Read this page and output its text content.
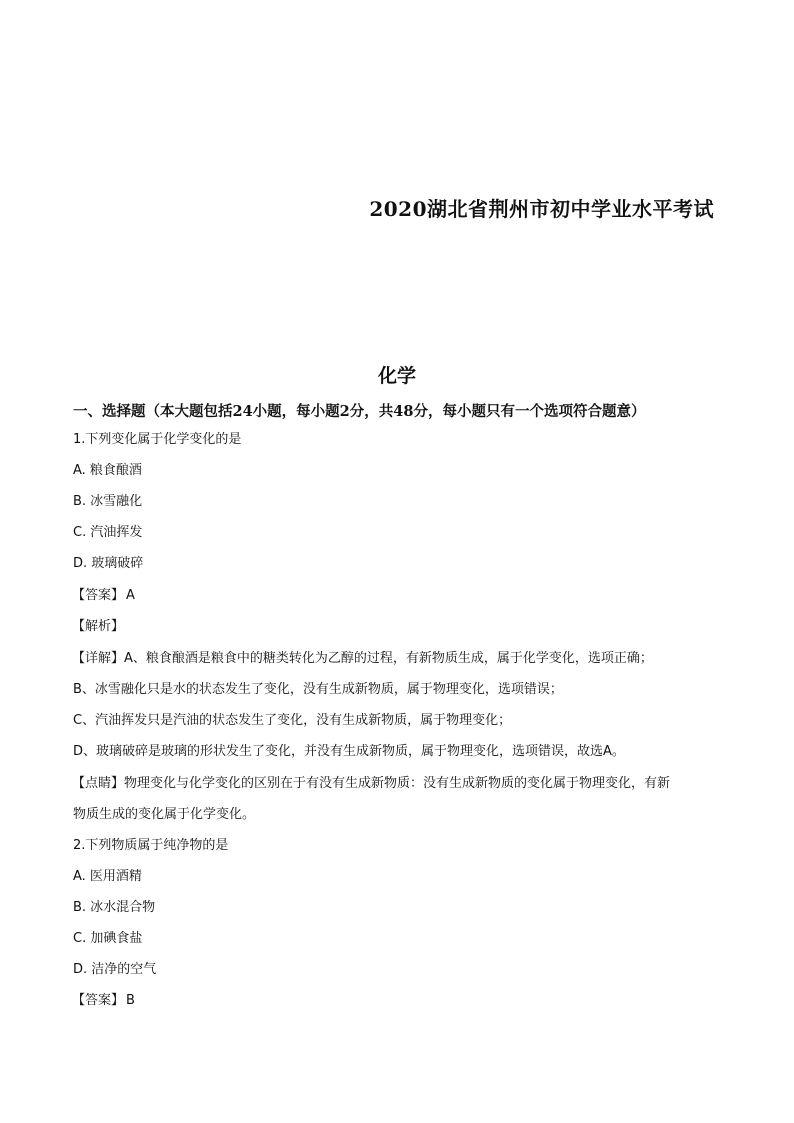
2020湖北省荆州市初中学业水平考试
化学
一、选择题（本大题包括24小题，每小题2分，共48分，每小题只有一个选项符合题意）
1.下列变化属于化学变化的是
A. 粮食酿酒
B. 冰雪融化
C. 汽油挥发
D. 玻璃破碎
【答案】 A
【解析】
【详解】A、粮食酿酒是粮食中的糖类转化为乙醇的过程，有新物质生成，属于化学变化，选项正确；
B、冰雪融化只是水的状态发生了变化，没有生成新物质，属于物理变化，选项错误；
C、汽油挥发只是汽油的状态发生了变化，没有生成新物质，属于物理变化；
D、玻璃破碎是玻璃的形状发生了变化，并没有生成新物质，属于物理变化，选项错误，故选A。
【点睛】物理变化与化学变化的区别在于有没有生成新物质：没有生成新物质的变化属于物理变化，有新
物质生成的变化属于化学变化。
2.下列物质属于纯净物的是
A. 医用酒精
B. 冰水混合物
C. 加碘食盐
D. 洁净的空气
【答案】 B
